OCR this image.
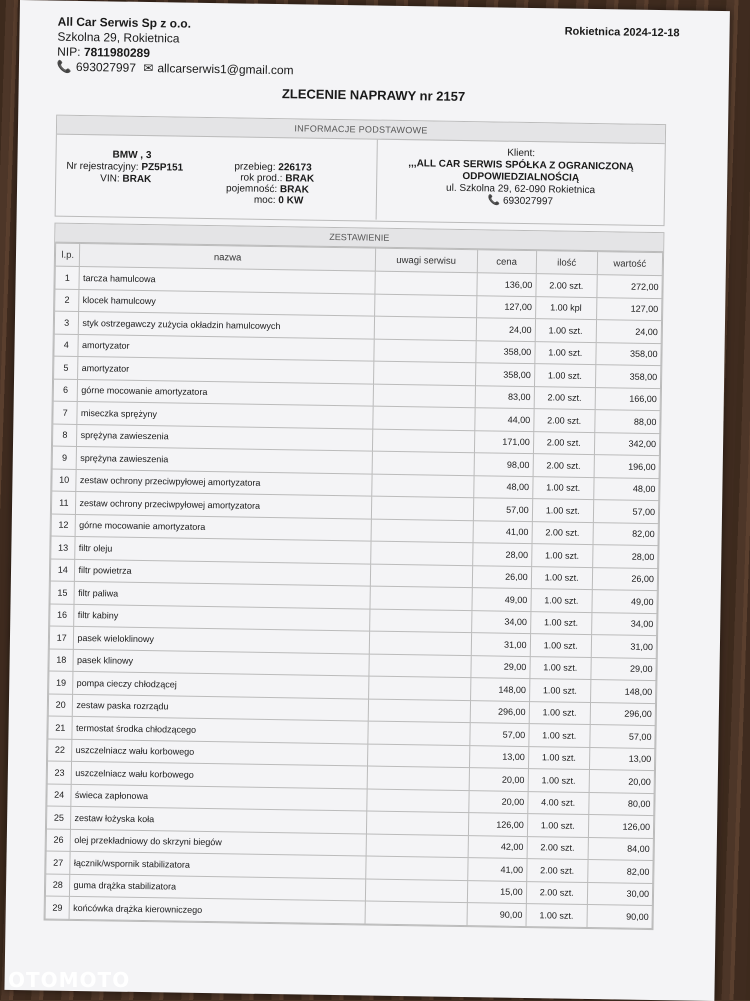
All Car Serwis Sp z o.o.
Szkolna 29, Rokietnica
NIP: 7811980289
📞 693027997 ✉ allcarserwis1@gmail.com
Rokietnica 2024-12-18
ZLECENIE NAPRAWY nr 2157
INFORMACJE PODSTAWOWE
BMW , 3
Nr rejestracyjny: PZ5P151
VIN: BRAK
przebieg: 226173
rok prod.: BRAK
pojemność: BRAK
moc: 0 KW
Klient:
,,,ALL CAR SERWIS SPÓŁKA Z OGRANICZONĄ ODPOWIEDZIALNOŚCIĄ
ul. Szkolna 29, 62-090 Rokietnica
📞 693027997
ZESTAWIENIE
l.p.	nazwa	uwagi serwisu	cena	ilość	wartość
1	tarcza hamulcowa		136,00	2.00 szt.	272,00
2	klocek hamulcowy		127,00	1.00 kpl	127,00
3	styk ostrzegawczy zużycia okładzin hamulcowych		24,00	1.00 szt.	24,00
4	amortyzator		358,00	1.00 szt.	358,00
5	amortyzator		358,00	1.00 szt.	358,00
6	górne mocowanie amortyzatora		83,00	2.00 szt.	166,00
7	miseczka sprężyny		44,00	2.00 szt.	88,00
8	sprężyna zawieszenia		171,00	2.00 szt.	342,00
9	sprężyna zawieszenia		98,00	2.00 szt.	196,00
10	zestaw ochrony przeciwpyłowej amortyzatora		48,00	1.00 szt.	48,00
11	zestaw ochrony przeciwpyłowej amortyzatora		57,00	1.00 szt.	57,00
12	górne mocowanie amortyzatora		41,00	2.00 szt.	82,00
13	filtr oleju		28,00	1.00 szt.	28,00
14	filtr powietrza		26,00	1.00 szt.	26,00
15	filtr paliwa		49,00	1.00 szt.	49,00
16	filtr kabiny		34,00	1.00 szt.	34,00
17	pasek wieloklinowy		31,00	1.00 szt.	31,00
18	pasek klinowy		29,00	1.00 szt.	29,00
19	pompa cieczy chłodzącej		148,00	1.00 szt.	148,00
20	zestaw paska rozrządu		296,00	1.00 szt.	296,00
21	termostat środka chłodzącego		57,00	1.00 szt.	57,00
22	uszczelniacz wału korbowego		13,00	1.00 szt.	13,00
23	uszczelniacz wału korbowego		20,00	1.00 szt.	20,00
24	świeca zapłonowa		20,00	4.00 szt.	80,00
25	zestaw łożyska koła		126,00	1.00 szt.	126,00
26	olej przekładniowy do skrzyni biegów		42,00	2.00 szt.	84,00
27	łącznik/wspornik stabilizatora		41,00	2.00 szt.	82,00
28	guma drążka stabilizatora		15,00	2.00 szt.	30,00
29	końcówka drążka kierowniczego		90,00	1.00 szt.	90,00
OTOMOTO
